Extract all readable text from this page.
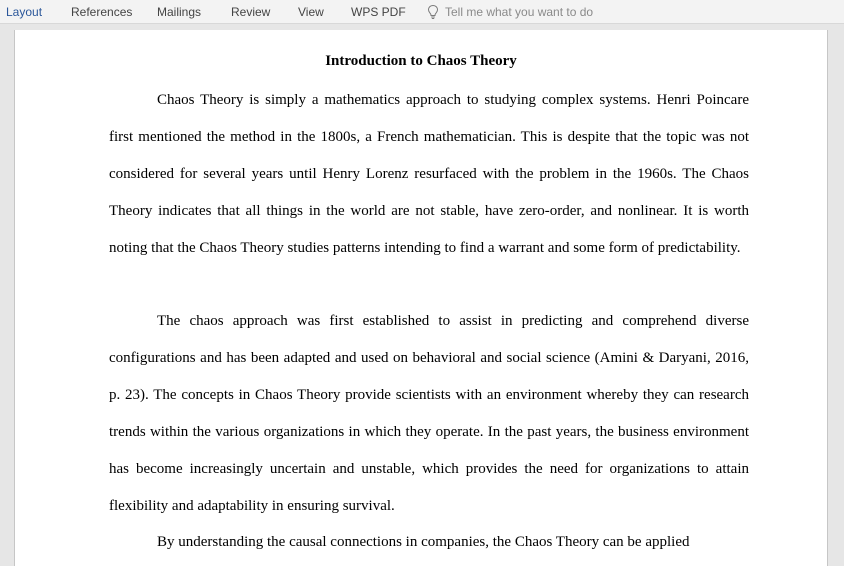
Layout References Mailings Review View WPS PDF	Tell me what you want to do
Introduction to Chaos Theory

Chaos Theory is simply a mathematics approach to studying complex systems. Henri Poincare first mentioned the method in the 1800s, a French mathematician. This is despite that the topic was not considered for several years until Henry Lorenz resurfaced with the problem in the 1960s. The Chaos Theory indicates that all things in the world are not stable, have zero-order, and nonlinear. It is worth noting that the Chaos Theory studies patterns intending to find a warrant and some form of predictability.

The chaos approach was first established to assist in predicting and comprehend diverse configurations and has been adapted and used on behavioral and social science (Amini & Daryani, 2016, p. 23). The concepts in Chaos Theory provide scientists with an environment whereby they can research trends within the various organizations in which they operate. In the past years, the business environment has become increasingly uncertain and unstable, which provides the need for organizations to attain flexibility and adaptability in ensuring survival.

By understanding the causal connections in companies, the Chaos Theory can be applied
